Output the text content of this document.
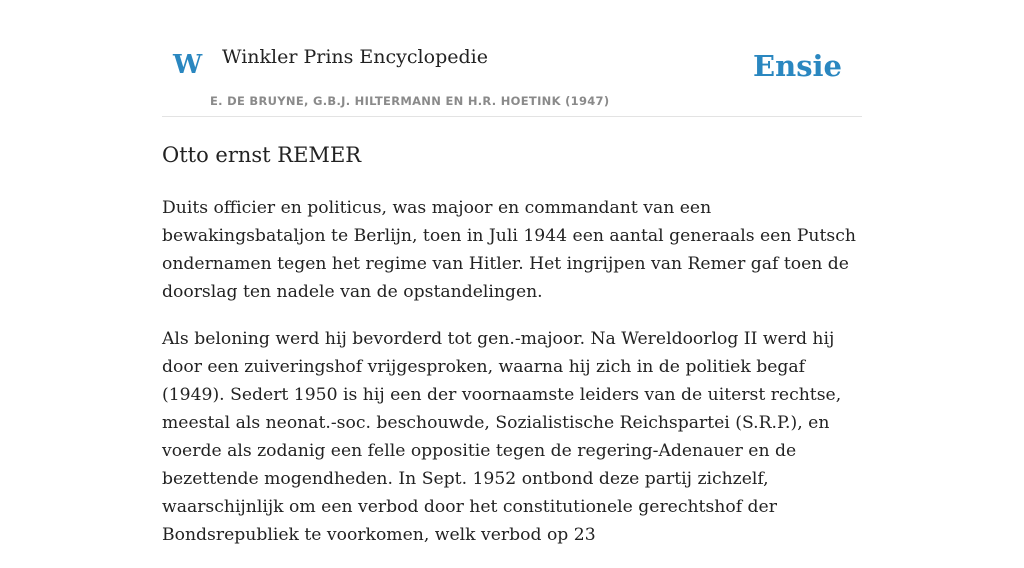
W Winkler Prins Encyclopedie
E. DE BRUYNE, G.B.J. HILTERMANN EN H.R. HOETINK (1947)
Ensie
Otto ernst REMER

Duits officier en politicus, was majoor en commandant van een bewakingsbataljon te Berlijn, toen in Juli 1944 een aantal generaals een Putsch ondernamen tegen het regime van Hitler. Het ingrijpen van Remer gaf toen de doorslag ten nadele van de opstandelingen.

Als beloning werd hij bevorderd tot gen.-majoor. Na Wereldoorlog II werd hij door een zuiveringshof vrijgesproken, waarna hij zich in de politiek begaf (1949). Sedert 1950 is hij een der voornaamste leiders van de uiterst rechtse, meestal als neonat.-soc. beschouwde, Sozialistische Reichspartei (S.R.P.), en voerde als zodanig een felle oppositie tegen de regering-Adenauer en de bezettende mogendheden. In Sept. 1952 ontbond deze partij zichzelf, waarschijnlijk om een verbod door het constitutionele gerechtshof der Bondsrepubliek te voorkomen, welk verbod op 23
